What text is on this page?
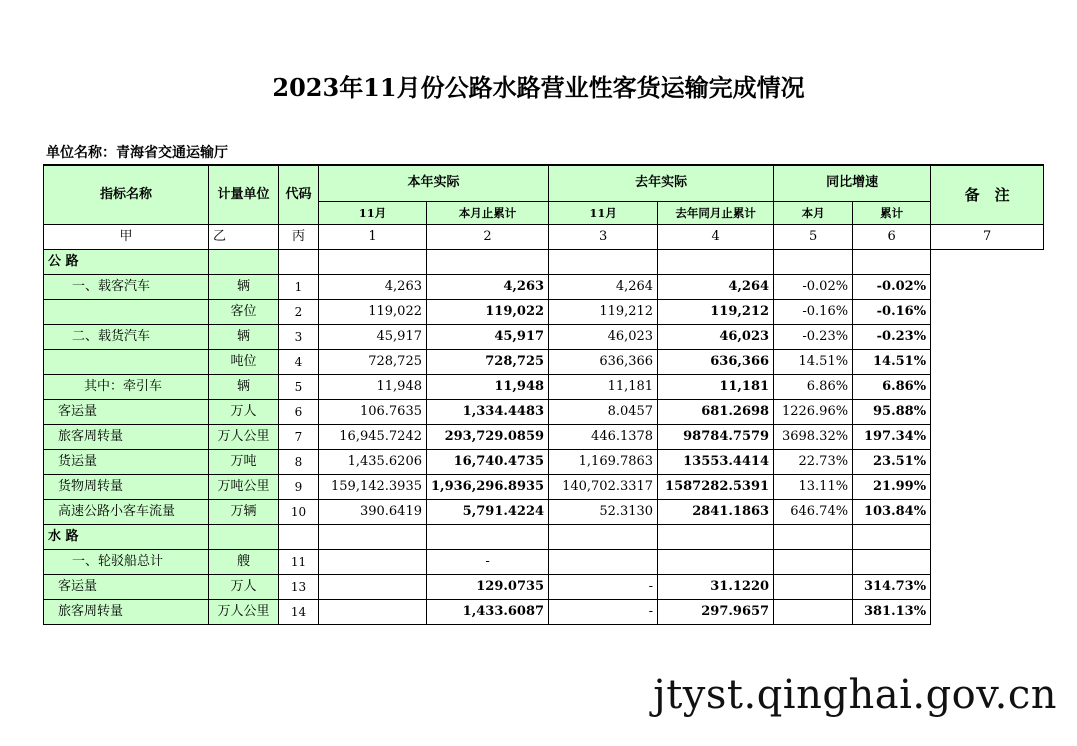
2023年11月份公路水路营业性客货运输完成情况
单位名称：青海省交通运输厅
指标名称	计量单位	代码	本年实际		去年实际		同比增速		备　注
			11月	本月止累计	11月	去年同月止累计	本月	累计	
甲	乙	丙	1	2	3	4	5	6	7
公 路									
一、载客汽车	辆	1	4,263	4,263	4,264	4,264	-0.02%	-0.02%	
	客位	2	119,022	119,022	119,212	119,212	-0.16%	-0.16%	
二、载货汽车	辆	3	45,917	45,917	46,023	46,023	-0.23%	-0.23%	
	吨位	4	728,725	728,725	636,366	636,366	14.51%	14.51%	
其中：牵引车	辆	5	11,948	11,948	11,181	11,181	6.86%	6.86%	
客运量	万人	6	106.7635	1,334.4483	8.0457	681.2698	1226.96%	95.88%	
旅客周转量	万人公里	7	16,945.7242	293,729.0859	446.1378	98784.7579	3698.32%	197.34%	
货运量	万吨	8	1,435.6206	16,740.4735	1,169.7863	13553.4414	22.73%	23.51%	
货物周转量	万吨公里	9	159,142.3935	1,936,296.8935	140,702.3317	1587282.5391	13.11%	21.99%	
高速公路小客车流量	万辆	10	390.6419	5,791.4224	52.3130	2841.1863	646.74%	103.84%	
水 路									
一、轮驳船总计	艘	11		-					
客运量	万人	13		129.0735	-	31.1220		314.73%	
旅客周转量	万人公里	14		1,433.6087	-	297.9657		381.13%	
jtyst.qinghai.gov.cn
